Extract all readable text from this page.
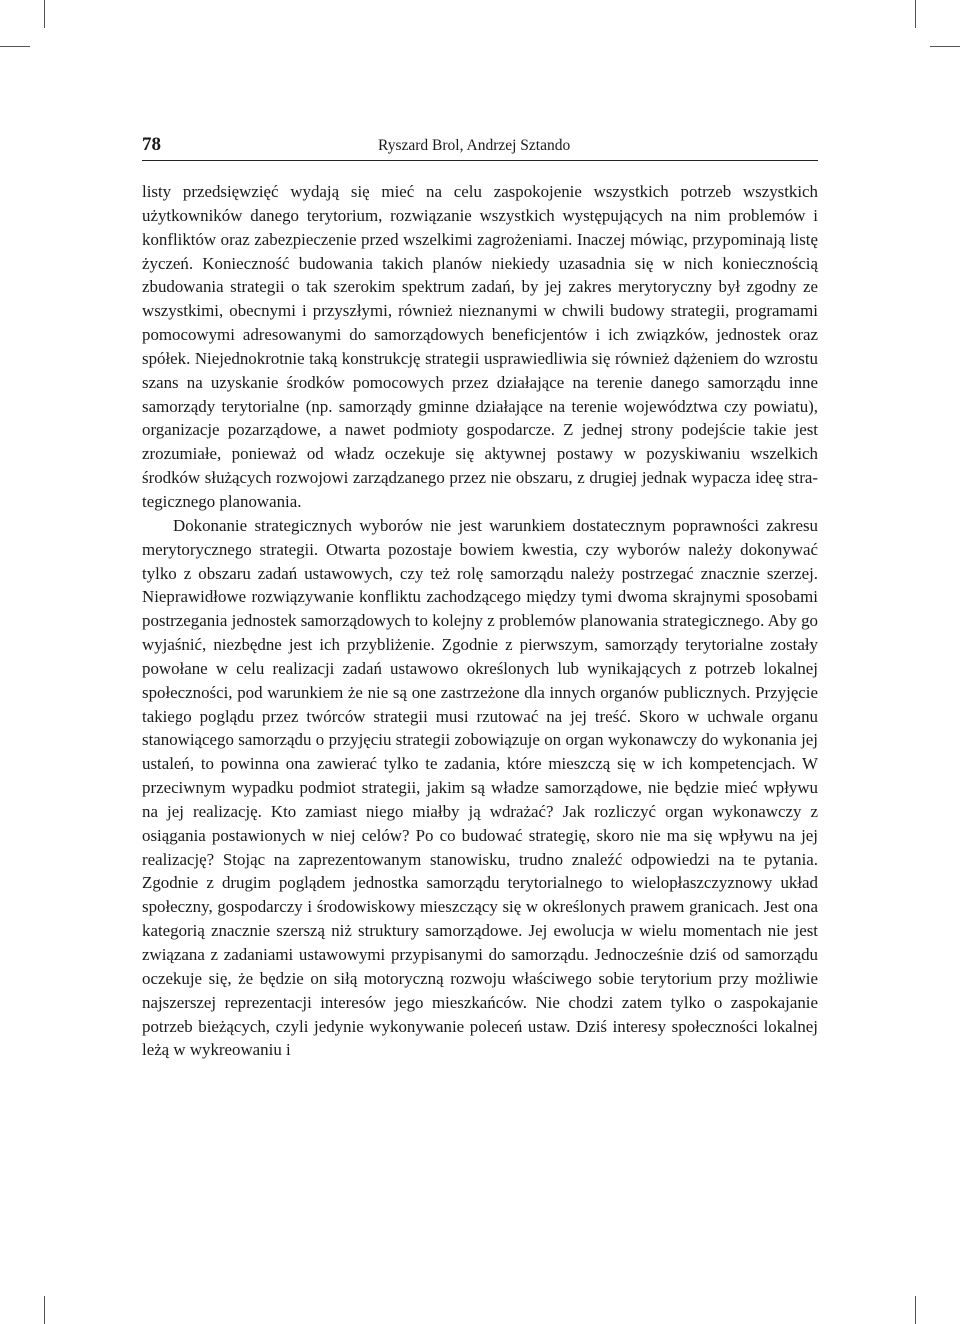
78	Ryszard Brol, Andrzej Sztando

listy przedsięwzięć wydają się mieć na celu zaspokojenie wszystkich potrzeb wszystkich użytkowników danego terytorium, rozwiązanie wszystkich występujących na nim problemów i konfliktów oraz zabezpieczenie przed wszelkimi zagrożeniami. Inaczej mówiąc, przypominają listę życzeń. Konieczność budowania takich planów niekiedy uzasadnia się w nich koniecznością zbudowania strategii o tak szerokim spektrum zadań, by jej zakres merytoryczny był zgodny ze wszystkimi, obecnymi i przyszłymi, również nieznanymi w chwili budowy strategii, programami pomocowymi adresowanymi do samorządowych beneficjentów i ich związków, jednostek oraz spółek. Niejednokrotnie taką konstrukcję strategii usprawiedliwia się również dążeniem do wzrostu szans na uzyskanie środków pomocowych przez działające na terenie danego samorządu inne samorządy terytorialne (np. samorządy gminne działające na terenie województwa czy powiatu), organizacje pozarządowe, a nawet podmioty gospodarcze. Z jednej strony podejście takie jest zrozumiałe, ponieważ od władz oczekuje się aktywnej postawy w pozyskiwaniu wszelkich środków służących rozwojowi zarządzanego przez nie obszaru, z drugiej jednak wypacza ideę strategicznego planowania.

Dokonanie strategicznych wyborów nie jest warunkiem dostatecznym poprawności zakresu merytorycznego strategii. Otwarta pozostaje bowiem kwestia, czy wyborów należy dokonywać tylko z obszaru zadań ustawowych, czy też rolę samorządu należy postrzegać znacznie szerzej. Nieprawidłowe rozwiązywanie konfliktu zachodzącego między tymi dwoma skrajnymi sposobami postrzegania jednostek samorządowych to kolejny z problemów planowania strategicznego. Aby go wyjaśnić, niezbędne jest ich przybliżenie. Zgodnie z pierwszym, samorządy terytorialne zostały powołane w celu realizacji zadań ustawowo określonych lub wynikających z potrzeb lokalnej społeczności, pod warunkiem że nie są one zastrzeżone dla innych organów publicznych. Przyjęcie takiego poglądu przez twórców strategii musi rzutować na jej treść. Skoro w uchwale organu stanowiącego samorządu o przyjęciu strategii zobowiązuje on organ wykonawczy do wykonania jej ustaleń, to powinna ona zawierać tylko te zadania, które mieszczą się w ich kompetencjach. W przeciwnym wypadku podmiot strategii, jakim są władze samorządowe, nie będzie mieć wpływu na jej realizację. Kto zamiast niego miałby ją wdrażać? Jak rozliczyć organ wykonawczy z osiągania postawionych w niej celów? Po co budować strategię, skoro nie ma się wpływu na jej realizację? Stojąc na zaprezentowanym stanowisku, trudno znaleźć odpowiedzi na te pytania. Zgodnie z drugim poglądem jednostka samorządu terytorialnego to wielopłaszczyznowy układ społeczny, gospodarczy i środowiskowy mieszczący się w określonych prawem granicach. Jest ona kategorią znacznie szerszą niż struktury samorządowe. Jej ewolucja w wielu momentach nie jest związana z zadaniami ustawowymi przypisanymi do samorządu. Jednocześnie dziś od samorządu oczekuje się, że będzie on siłą motoryczną rozwoju właściwego sobie terytorium przy możliwie najszerszej reprezentacji interesów jego mieszkańców. Nie chodzi zatem tylko o zaspokajanie potrzeb bieżących, czyli jedynie wykonywanie poleceń ustaw. Dziś interesy społeczności lokalnej leżą w wykreowaniu i
